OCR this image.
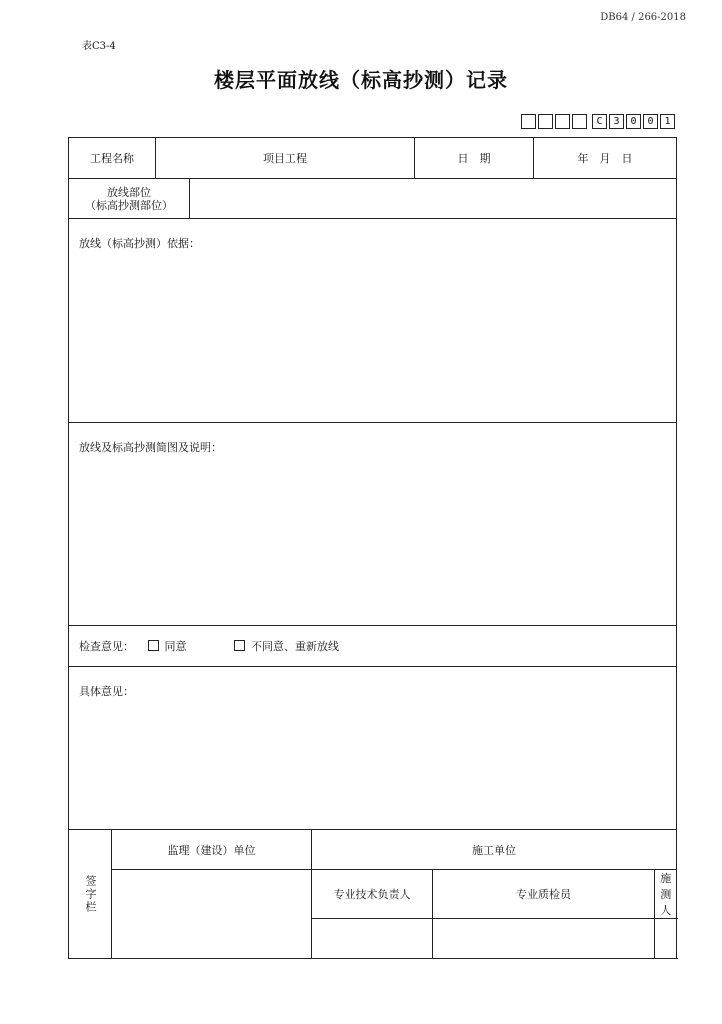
DB64 / 266-2018
表C3-4
楼层平面放线（标高抄测）记录
C	3	0	0	1
工程名称		项目工程			日　期		年　月　日		

放线部位
（标高抄测部位）									

放线（标高抄测）依据：									
放线及标高抄测简图及说明：									
检查意见： 同意 不同意、重新放线									
具体意见：									

签字栏	监理（建设）单位			施工单位					
				专业技术负责人		专业质检员		施测人	
